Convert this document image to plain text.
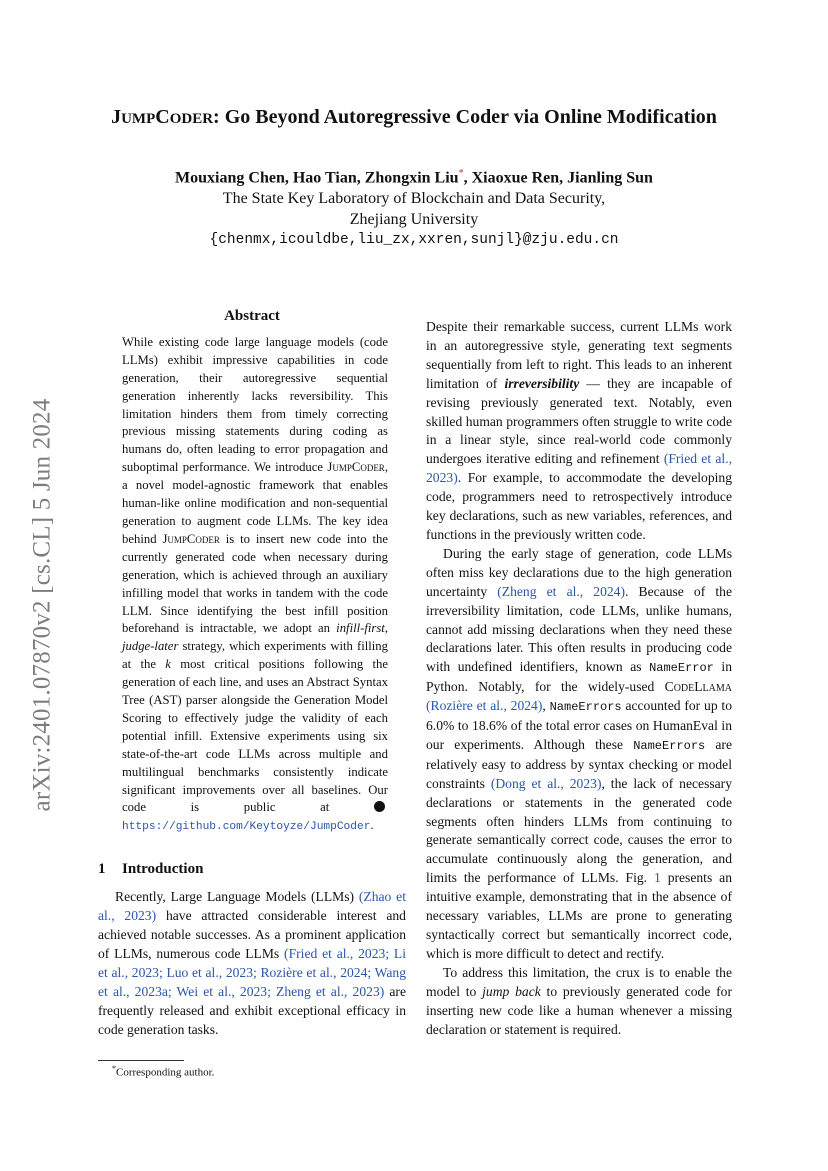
arXiv:2401.07870v2 [cs.CL] 5 Jun 2024
JUMPCODER: Go Beyond Autoregressive Coder via Online Modification
Mouxiang Chen, Hao Tian, Zhongxin Liu*, Xiaoxue Ren, Jianling Sun
The State Key Laboratory of Blockchain and Data Security,
Zhejiang University
{chenmx,icouldbe,liu_zx,xxren,sunjl}@zju.edu.cn
Abstract

While existing code large language models (code LLMs) exhibit impressive capabilities in code generation, their autoregressive sequential generation inherently lacks reversibility. This limitation hinders them from timely correcting previous missing statements during coding as humans do, often leading to error propagation and suboptimal performance. We introduce JumpCoder, a novel model-agnostic framework that enables human-like online modification and non-sequential generation to augment code LLMs. The key idea behind JumpCoder is to insert new code into the currently generated code when necessary during generation, which is achieved through an auxiliary infilling model that works in tandem with the code LLM. Since identifying the best infill position beforehand is intractable, we adopt an infill-first, judge-later strategy, which experiments with filling at the k most critical positions following the generation of each line, and uses an Abstract Syntax Tree (AST) parser alongside the Generation Model Scoring to effectively judge the validity of each potential infill. Extensive experiments using six state-of-the-art code LLMs across multiple and multilingual benchmarks consistently indicate significant improvements over all baselines. Our code is public at https://github.com/Keytoyze/JumpCoder.

1 Introduction

Recently, Large Language Models (LLMs) (Zhao et al., 2023) have attracted considerable interest and achieved notable successes. As a prominent application of LLMs, numerous code LLMs (Fried et al., 2023; Li et al., 2023; Luo et al., 2023; Rozière et al., 2024; Wang et al., 2023a; Wei et al., 2023; Zheng et al., 2023) are frequently released and exhibit exceptional efficacy in code generation tasks.

Despite their remarkable success, current LLMs work in an autoregressive style, generating text segments sequentially from left to right. This leads to an inherent limitation of irreversibility — they are incapable of revising previously generated text. Notably, even skilled human programmers often struggle to write code in a linear style, since real-world code commonly undergoes iterative editing and refinement (Fried et al., 2023). For example, to accommodate the developing code, programmers need to retrospectively introduce key declarations, such as new variables, references, and functions in the previously written code.

During the early stage of generation, code LLMs often miss key declarations due to the high generation uncertainty (Zheng et al., 2024). Because of the irreversibility limitation, code LLMs, unlike humans, cannot add missing declarations when they need these declarations later. This often results in producing code with undefined identifiers, known as NameError in Python. Notably, for the widely-used CodeLlama (Rozière et al., 2024), NameErrors accounted for up to 6.0% to 18.6% of the total error cases on HumanEval in our experiments. Although these NameErrors are relatively easy to address by syntax checking or model constraints (Dong et al., 2023), the lack of necessary declarations or statements in the generated code segments often hinders LLMs from continuing to generate semantically correct code, causes the error to accumulate continuously along the generation, and limits the performance of LLMs. Fig. 1 presents an intuitive example, demonstrating that in the absence of necessary variables, LLMs are prone to generating syntactically correct but semantically incorrect code, which is more difficult to detect and rectify.

To address this limitation, the crux is to enable the model to jump back to previously generated code for inserting new code like a human whenever a missing declaration or statement is required.

*Corresponding author.
